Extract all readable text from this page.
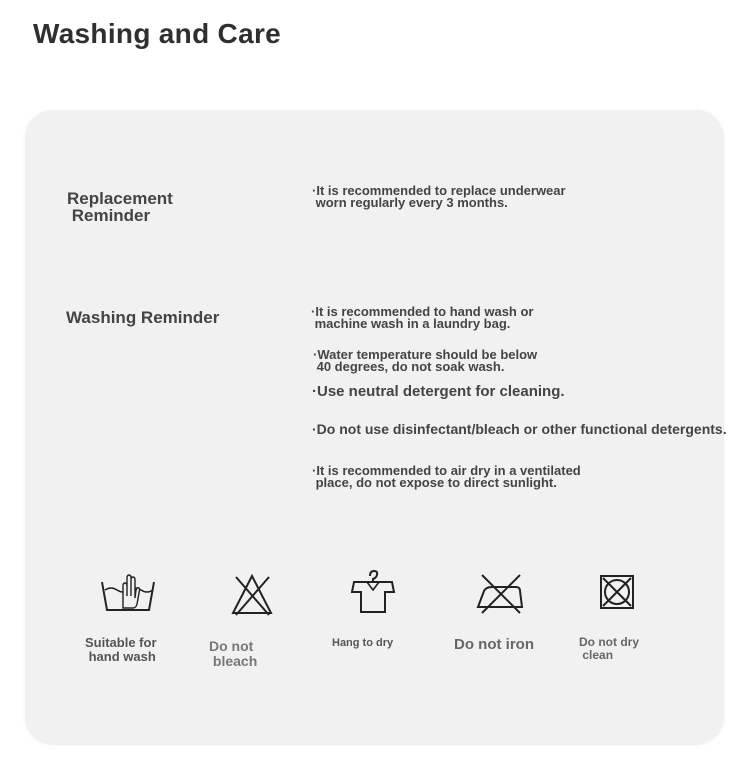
Washing and Care
Replacement
Reminder
·It is recommended to replace underwear
worn regularly every 3 months.
Washing Reminder	·It is recommended to hand wash or
machine wash in a laundry bag.
·Water temperature should be below
40 degrees, do not soak wash.
·Use neutral detergent for cleaning.
·Do not use disinfectant/bleach or other functional detergents.
·It is recommended to air dry in a ventilated
place, do not expose to direct sunlight.
Suitable for
hand wash
Do not
bleach
Hang to dry	Do not iron	Do not dry
clean
